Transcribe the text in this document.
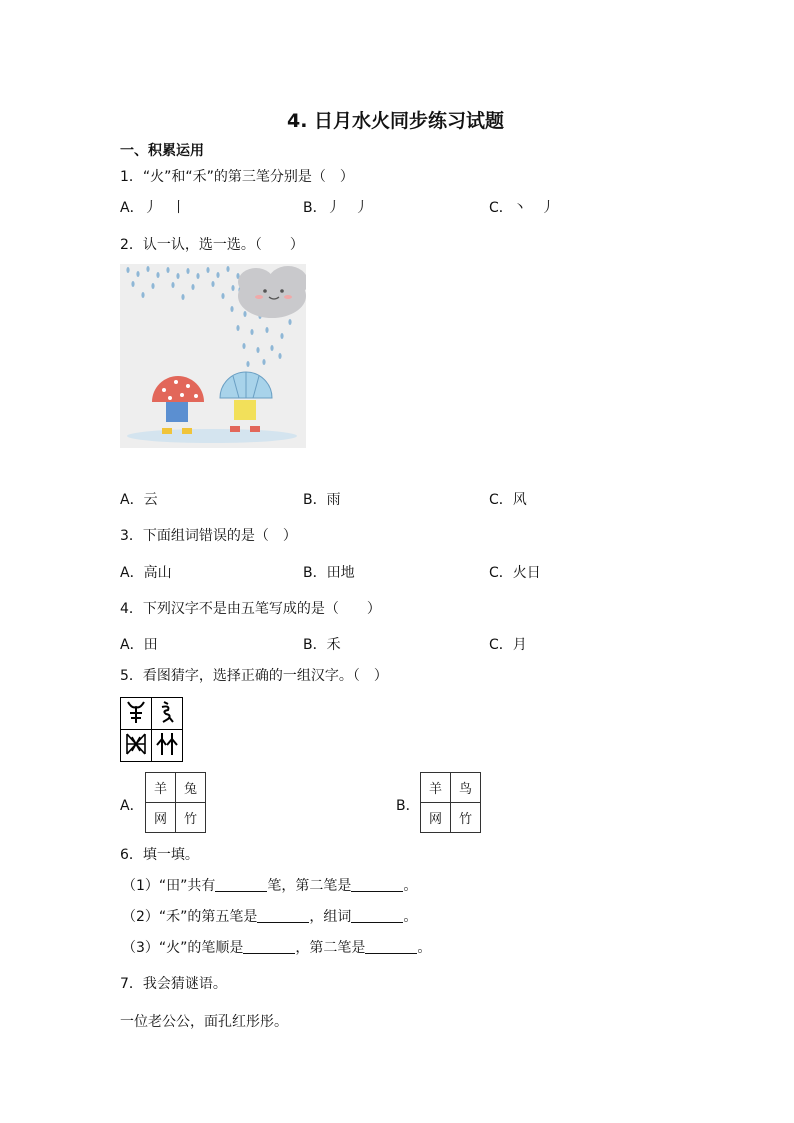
4. 日月水火同步练习试题
一、积累运用
1．“火”和“禾”的第三笔分别是（　）
A．丿　丨	B．丿　丿	C．丶　丿
2．认一认，选一选。（　　）
A．云	B．雨	C．风
3．下面组词错误的是（　）
A．高山	B．田地	C．火日
4．下列汉字不是由五笔写成的是（　　）
A．田	B．禾	C．月
5．看图猜字，选择正确的一组汉字。（　）

A．
羊	兔
网	竹
B．
羊	鸟
网	竹
6．填一填。
（1）“田”共有	笔，第二笔是	。
（2）“禾”的第五笔是	，组词	。
（3）“火”的笔顺是	，第二笔是	。
7．我会猜谜语。
一位老公公，面孔红彤彤。
